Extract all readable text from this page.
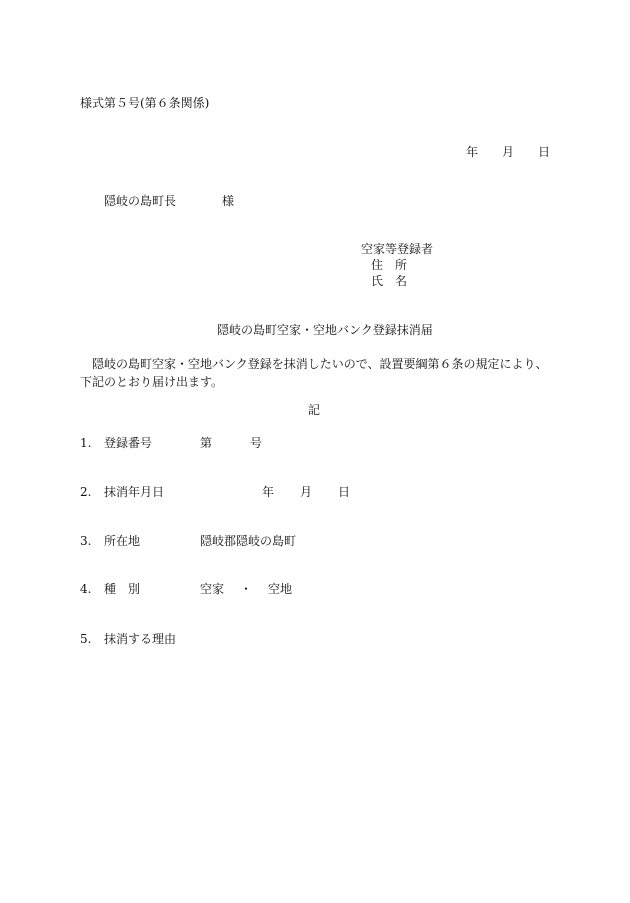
様式第５号(第６条関係)
年 月 日
隠岐の島町長	様
空家等登録者
住 所
氏 名
隠岐の島町空家・空地バンク登録抹消届
隠岐の島町空家・空地バンク登録を抹消したいので、設置要綱第６条の規定により、
下記のとおり届け出ます。
記
1. 登録番号	第	号
2. 抹消年月日	年 月 日
3. 所在地	隠岐郡隠岐の島町
4. 種　別	空家 ・ 空地
5. 抹消する理由
